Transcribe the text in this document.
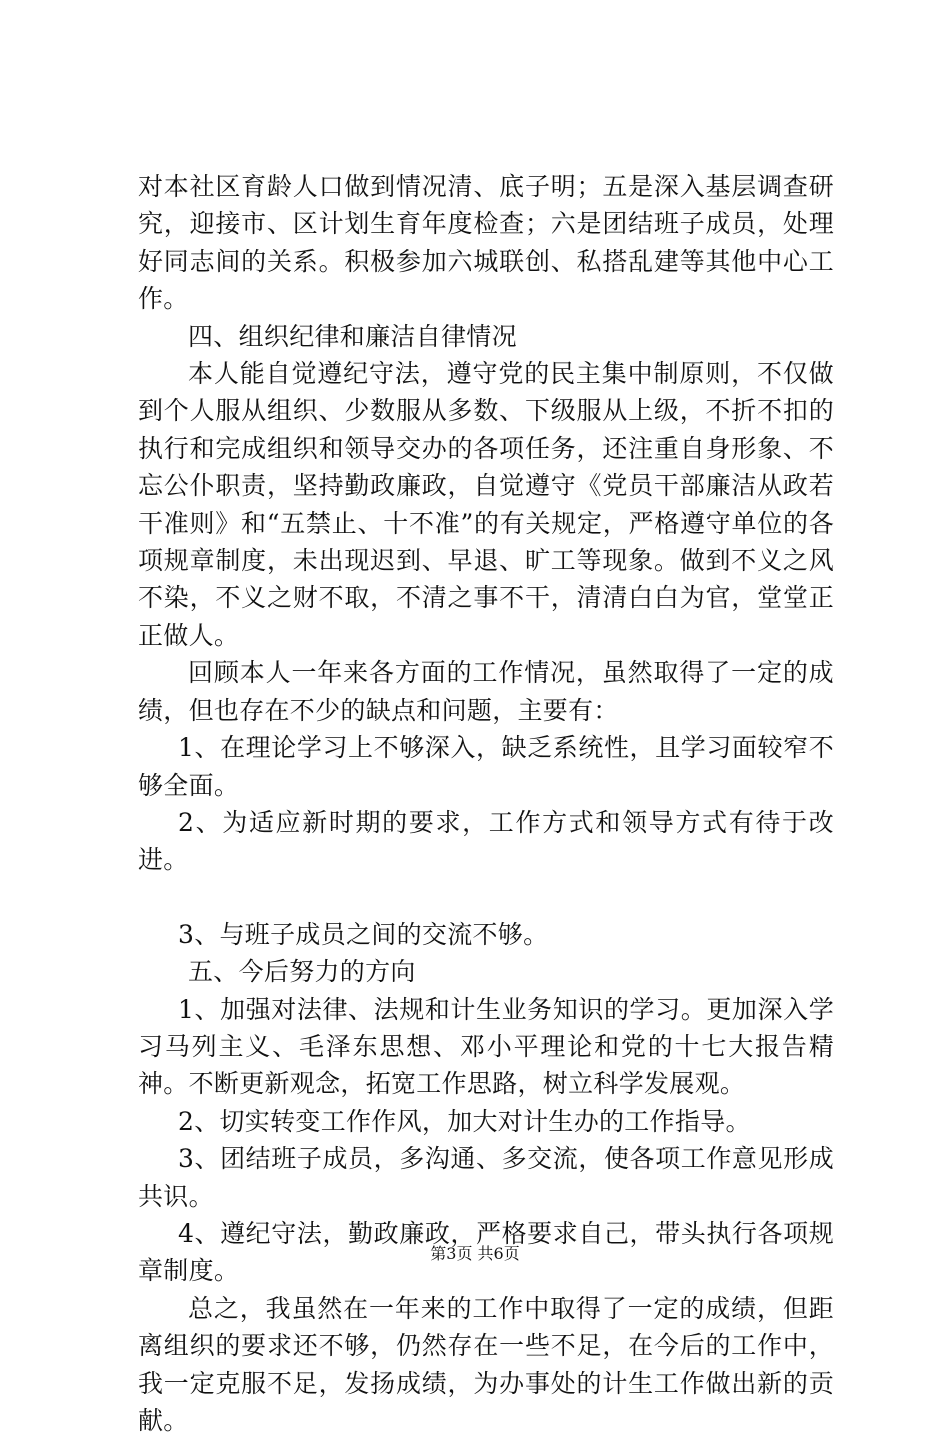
对本社区育龄人口做到情况清、底子明；五是深入基层调查研究，迎接市、区计划生育年度检查；六是团结班子成员，处理好同志间的关系。积极参加六城联创、私搭乱建等其他中心工作。

四、组织纪律和廉洁自律情况

本人能自觉遵纪守法，遵守党的民主集中制原则，不仅做到个人服从组织、少数服从多数、下级服从上级，不折不扣的执行和完成组织和领导交办的各项任务，还注重自身形象、不忘公仆职责，坚持勤政廉政，自觉遵守《党员干部廉洁从政若干准则》和“五禁止、十不准”的有关规定，严格遵守单位的各项规章制度，未出现迟到、早退、旷工等现象。做到不义之风不染，不义之财不取，不清之事不干，清清白白为官，堂堂正正做人。

回顾本人一年来各方面的工作情况，虽然取得了一定的成绩，但也存在不少的缺点和问题，主要有：

1、在理论学习上不够深入，缺乏系统性，且学习面较窄不够全面。

2、为适应新时期的要求，工作方式和领导方式有待于改进。

3、与班子成员之间的交流不够。

五、今后努力的方向

1、加强对法律、法规和计生业务知识的学习。更加深入学习马列主义、毛泽东思想、邓小平理论和党的十七大报告精神。不断更新观念，拓宽工作思路，树立科学发展观。

2、切实转变工作作风，加大对计生办的工作指导。

3、团结班子成员，多沟通、多交流，使各项工作意见形成共识。

4、遵纪守法，勤政廉政，严格要求自己，带头执行各项规章制度。

总之，我虽然在一年来的工作中取得了一定的成绩，但距离组织的要求还不够，仍然存在一些不足，在今后的工作中，我一定克服不足，发扬成绩，为办事处的计生工作做出新的贡献。

第3页 共6页
